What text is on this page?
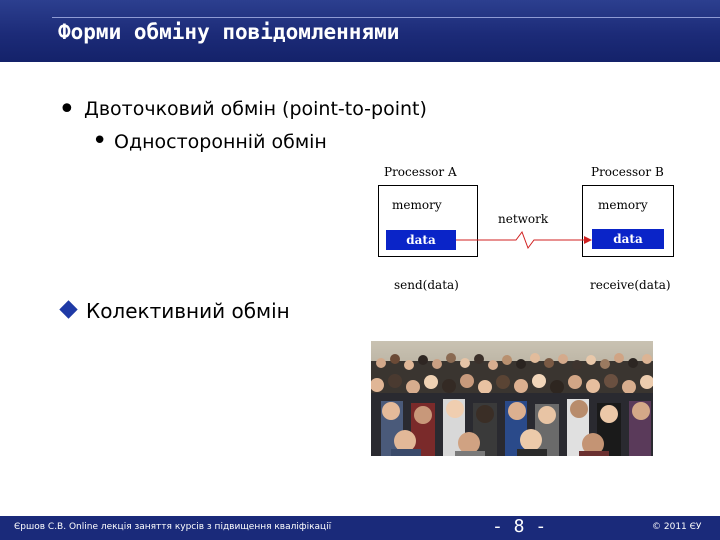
Форми обміну повідомленнями
• Двоточковий обмін (point-to-point)
• Односторонній обмін
Processor A	Processor B
memory	memory
data	data
network
send(data)	receive(data)
Колективний обмін
Єршов С.В. Online лекція заняття курсів з підвищення кваліфікації	- 8 -	© 2011 ЄУ
